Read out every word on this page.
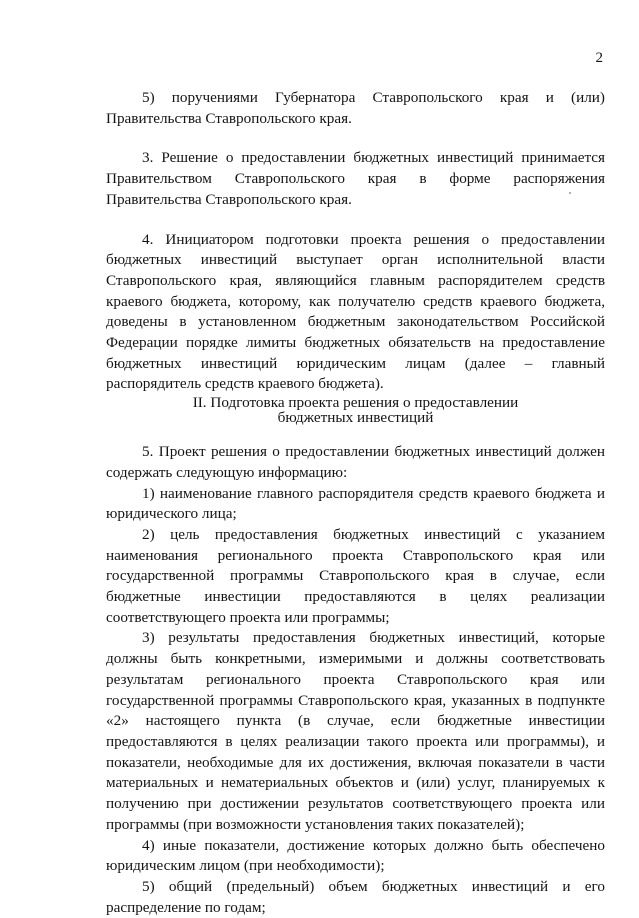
2

5) поручениями Губернатора Ставропольского края и (или) Правительства Ставропольского края.

3. Решение о предоставлении бюджетных инвестиций принимается Правительством Ставропольского края в форме распоряжения Правительства Ставропольского края.

4. Инициатором подготовки проекта решения о предоставлении бюджетных инвестиций выступает орган исполнительной власти Ставропольского края, являющийся главным распорядителем средств краевого бюджета, которому, как получателю средств краевого бюджета, доведены в установленном бюджетным законодательством Российской Федерации порядке лимиты бюджетных обязательств на предоставление бюджетных инвестиций юридическим лицам (далее – главный распорядитель средств краевого бюджета).

II. Подготовка проекта решения о предоставлении
бюджетных инвестиций

5. Проект решения о предоставлении бюджетных инвестиций должен содержать следующую информацию:

1) наименование главного распорядителя средств краевого бюджета и юридического лица;

2) цель предоставления бюджетных инвестиций с указанием наименования регионального проекта Ставропольского края или государственной программы Ставропольского края в случае, если бюджетные инвестиции предоставляются в целях реализации соответствующего проекта или программы;

3) результаты предоставления бюджетных инвестиций, которые должны быть конкретными, измеримыми и должны соответствовать результатам регионального проекта Ставропольского края или государственной программы Ставропольского края, указанных в подпункте «2» настоящего пункта (в случае, если бюджетные инвестиции предоставляются в целях реализации такого проекта или программы), и показатели, необходимые для их достижения, включая показатели в части материальных и нематериальных объектов и (или) услуг, планируемых к получению при достижении результатов соответствующего проекта или программы (при возможности установления таких показателей);

4) иные показатели, достижение которых должно быть обеспечено юридическим лицом (при необходимости);

5) общий (предельный) объем бюджетных инвестиций и его распределение по годам;
